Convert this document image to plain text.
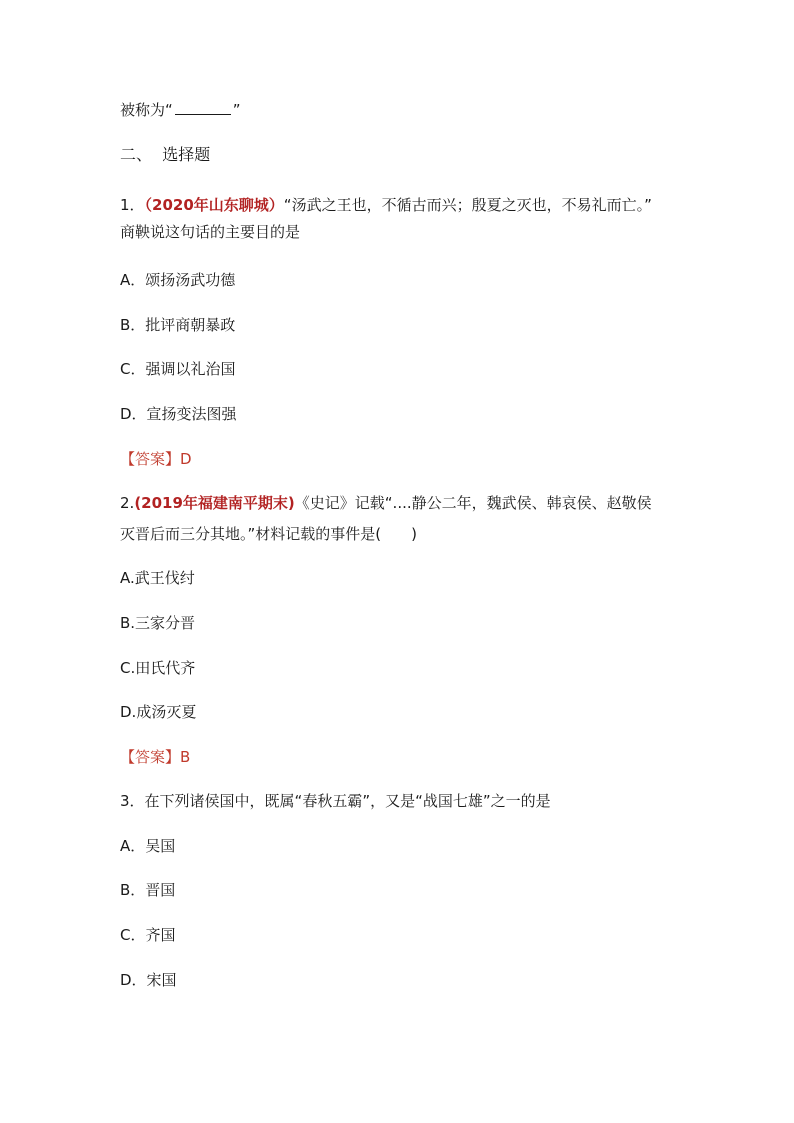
被称为“	”
二、 选择题
1．（2020年山东聊城）“汤武之王也，不循古而兴；殷夏之灭也，不易礼而亡。”
商鞅说这句话的主要目的是
A．颂扬汤武功德
B．批评商朝暴政
C．强调以礼治国
D．宣扬变法图强
【答案】D
2.(2019年福建南平期末)《史记》记载“....静公二年，魏武侯、韩哀侯、赵敬侯
灭晋后而三分其地。”材料记载的事件是( )
A.武王伐纣
B.三家分晋
C.田氏代齐
D.成汤灭夏
【答案】B
3．在下列诸侯国中，既属“春秋五霸”，又是“战国七雄”之一的是
A．吴国
B．晋国
C．齐国
D．宋国
